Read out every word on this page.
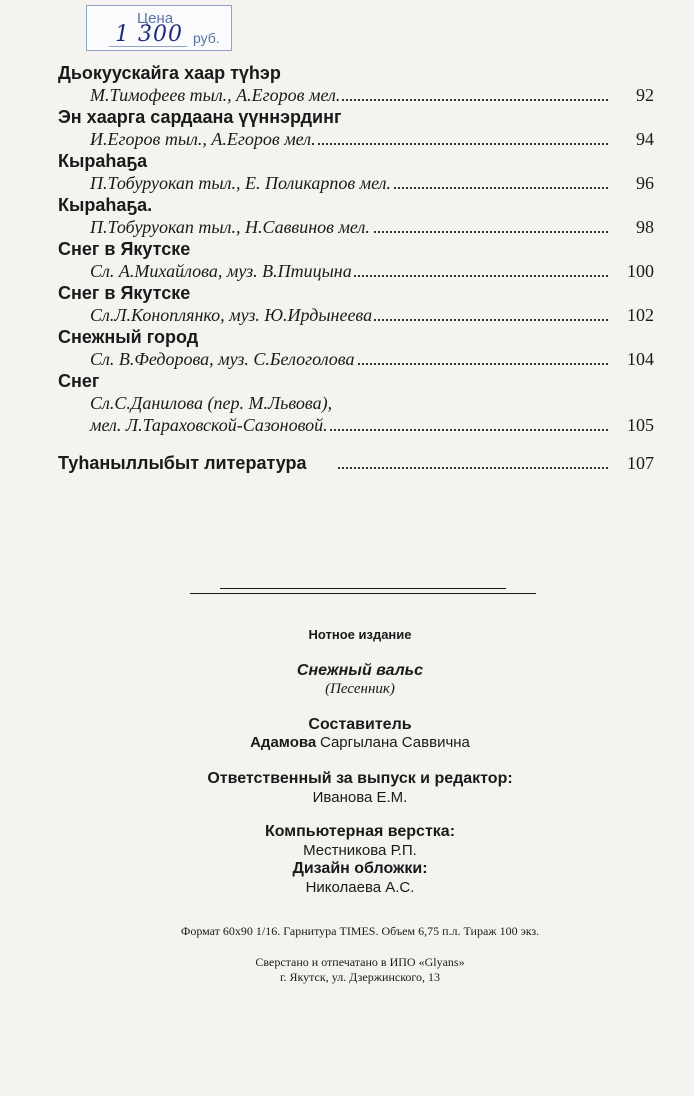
Цена
1 300 руб.
Дьокуускайга хаар түһэр
М.Тимофеев тыл., А.Егоров мел.	92
Эн хаарга сардаана үүннэрдинг
И.Егоров тыл., А.Егоров мел.	94
Кыраһаҕа
П.Тобуруокап тыл., Е. Поликарпов мел.	96
Кыраһаҕа.
П.Тобуруокап тыл., Н.Саввинов мел.	98
Снег в Якутске
Сл. А.Михайлова, муз. В.Птицына	100
Снег в Якутске
Сл.Л.Коноплянко, муз. Ю.Ирдынеева	102
Снежный город
Сл. В.Федорова, муз. С.Белоголова	104
Снег
Сл.С.Данилова (пер. М.Львова),
мел. Л.Тараховской-Сазоновой.	105
Туһаныллыбыт литература	107
Нотное издание
Снежный вальс
(Песенник)
Составитель
Адамова Саргылана Саввична
Ответственный за выпуск и редактор:
Иванова Е.М.
Компьютерная верстка:
Местникова Р.П.
Дизайн обложки:
Николаева А.С.
Формат 60х90 1/16. Гарнитура TIMES. Объем 6,75 п.л. Тираж 100 экз.
Сверстано и отпечатано в ИПО «Glyans»
г. Якутск, ул. Дзержинского, 13
